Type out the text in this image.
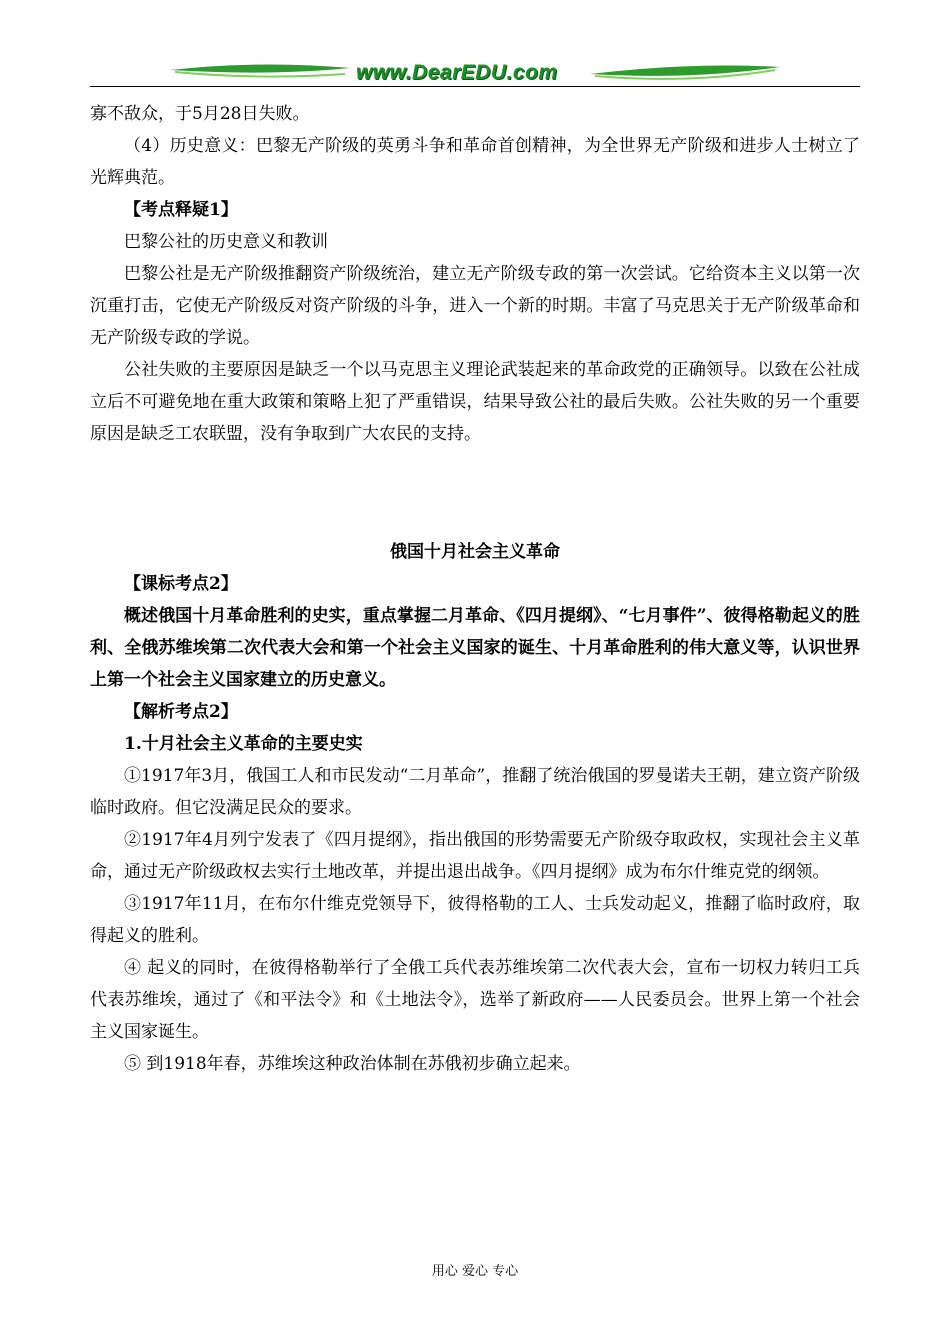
www.DearEDU.com

寡不敌众，于5月28日失败。

（4）历史意义：巴黎无产阶级的英勇斗争和革命首创精神，为全世界无产阶级和进步人士树立了光辉典范。

【考点释疑1】

巴黎公社的历史意义和教训

巴黎公社是无产阶级推翻资产阶级统治，建立无产阶级专政的第一次尝试。它给资本主义以第一次沉重打击，它使无产阶级反对资产阶级的斗争，进入一个新的时期。丰富了马克思关于无产阶级革命和无产阶级专政的学说。

公社失败的主要原因是缺乏一个以马克思主义理论武装起来的革命政党的正确领导。以致在公社成立后不可避免地在重大政策和策略上犯了严重错误，结果导致公社的最后失败。公社失败的另一个重要原因是缺乏工农联盟，没有争取到广大农民的支持。

俄国十月社会主义革命

【课标考点2】

概述俄国十月革命胜利的史实，重点掌握二月革命、《四月提纲》、“七月事件”、彼得格勒起义的胜利、全俄苏维埃第二次代表大会和第一个社会主义国家的诞生、十月革命胜利的伟大意义等，认识世界上第一个社会主义国家建立的历史意义。

【解析考点2】

1.十月社会主义革命的主要史实

①1917年3月，俄国工人和市民发动“二月革命”，推翻了统治俄国的罗曼诺夫王朝，建立资产阶级临时政府。但它没满足民众的要求。

②1917年4月列宁发表了《四月提纲》，指出俄国的形势需要无产阶级夺取政权，实现社会主义革命，通过无产阶级政权去实行土地改革，并提出退出战争。《四月提纲》成为布尔什维克党的纲领。

③1917年11月，在布尔什维克党领导下，彼得格勒的工人、士兵发动起义，推翻了临时政府，取得起义的胜利。

④ 起义的同时，在彼得格勒举行了全俄工兵代表苏维埃第二次代表大会，宣布一切权力转归工兵代表苏维埃，通过了《和平法令》和《土地法令》，选举了新政府——人民委员会。世界上第一个社会主义国家诞生。

⑤ 到1918年春，苏维埃这种政治体制在苏俄初步确立起来。

用心 爱心 专心
